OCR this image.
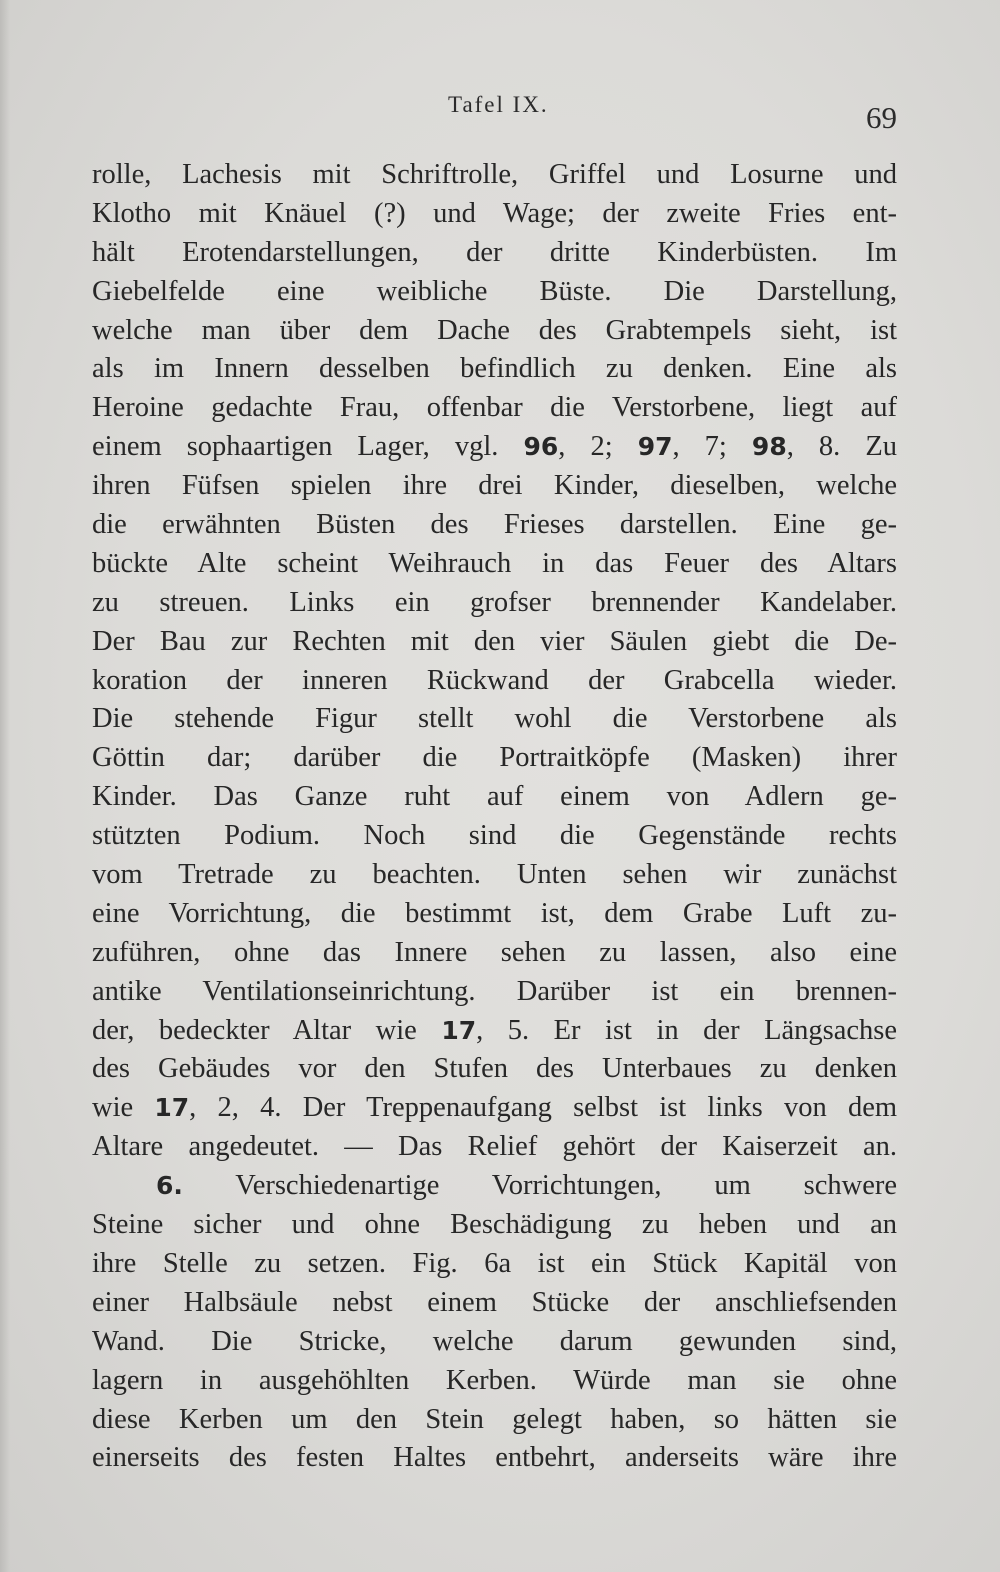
Tafel IX.	69
rolle, Lachesis mit Schriftrolle, Griffel und Losurne und
Klotho mit Knäuel (?) und Wage; der zweite Fries ent-
hält Erotendarstellungen, der dritte Kinderbüsten. Im
Giebelfelde eine weibliche Büste. Die Darstellung,
welche man über dem Dache des Grabtempels sieht, ist
als im Innern desselben befindlich zu denken. Eine als
Heroine gedachte Frau, offenbar die Verstorbene, liegt auf
einem sophaartigen Lager, vgl. 96, 2; 97, 7; 98, 8. Zu
ihren Füfsen spielen ihre drei Kinder, dieselben, welche
die erwähnten Büsten des Frieses darstellen. Eine ge-
bückte Alte scheint Weihrauch in das Feuer des Altars
zu streuen. Links ein grofser brennender Kandelaber.
Der Bau zur Rechten mit den vier Säulen giebt die De-
koration der inneren Rückwand der Grabcella wieder.
Die stehende Figur stellt wohl die Verstorbene als
Göttin dar; darüber die Portraitköpfe (Masken) ihrer
Kinder. Das Ganze ruht auf einem von Adlern ge-
stützten Podium. Noch sind die Gegenstände rechts
vom Tretrade zu beachten. Unten sehen wir zunächst
eine Vorrichtung, die bestimmt ist, dem Grabe Luft zu-
zuführen, ohne das Innere sehen zu lassen, also eine
antike Ventilationseinrichtung. Darüber ist ein brennen-
der, bedeckter Altar wie 17, 5. Er ist in der Längsachse
des Gebäudes vor den Stufen des Unterbaues zu denken
wie 17, 2, 4. Der Treppenaufgang selbst ist links von dem
Altare angedeutet. — Das Relief gehört der Kaiserzeit an.
6. Verschiedenartige Vorrichtungen, um schwere
Steine sicher und ohne Beschädigung zu heben und an
ihre Stelle zu setzen. Fig. 6a ist ein Stück Kapitäl von
einer Halbsäule nebst einem Stücke der anschliefsenden
Wand. Die Stricke, welche darum gewunden sind,
lagern in ausgehöhlten Kerben. Würde man sie ohne
diese Kerben um den Stein gelegt haben, so hätten sie
einerseits des festen Haltes entbehrt, anderseits wäre ihre
